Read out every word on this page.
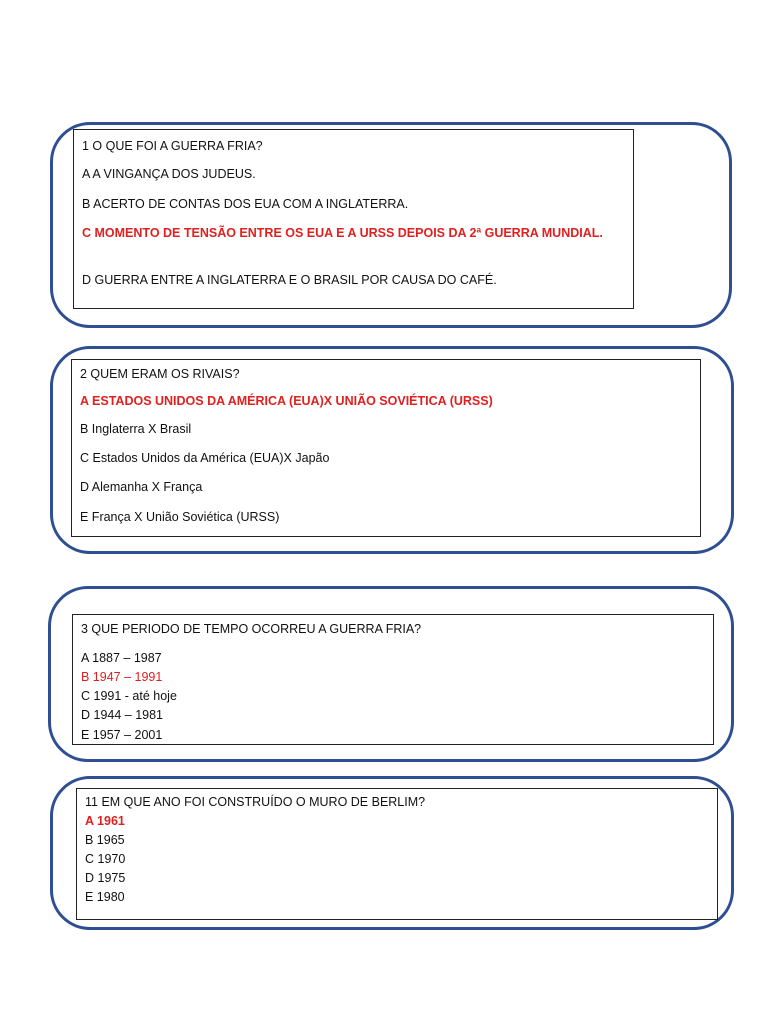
1 O QUE FOI A GUERRA FRIA?
A A VINGANÇA DOS JUDEUS.
B ACERTO DE CONTAS DOS EUA COM A INGLATERRA.
C MOMENTO DE TENSÃO ENTRE OS EUA E A URSS DEPOIS DA 2ª GUERRA MUNDIAL.
D GUERRA ENTRE A INGLATERRA E O BRASIL POR CAUSA DO CAFÉ.
2 QUEM ERAM OS RIVAIS?
A ESTADOS UNIDOS DA AMÉRICA (EUA)X UNIÃO SOVIÉTICA (URSS)
B Inglaterra X Brasil
C Estados Unidos da América (EUA)X Japão
D Alemanha X França
E França X União Soviética (URSS)
3 QUE PERIODO DE TEMPO OCORREU A GUERRA FRIA?
A 1887 – 1987
B 1947 – 1991
C 1991 - até hoje
D 1944 – 1981
E 1957 – 2001
11 EM QUE ANO FOI CONSTRUÍDO O MURO DE BERLIM?
A 1961
B 1965
C 1970
D 1975
E 1980
